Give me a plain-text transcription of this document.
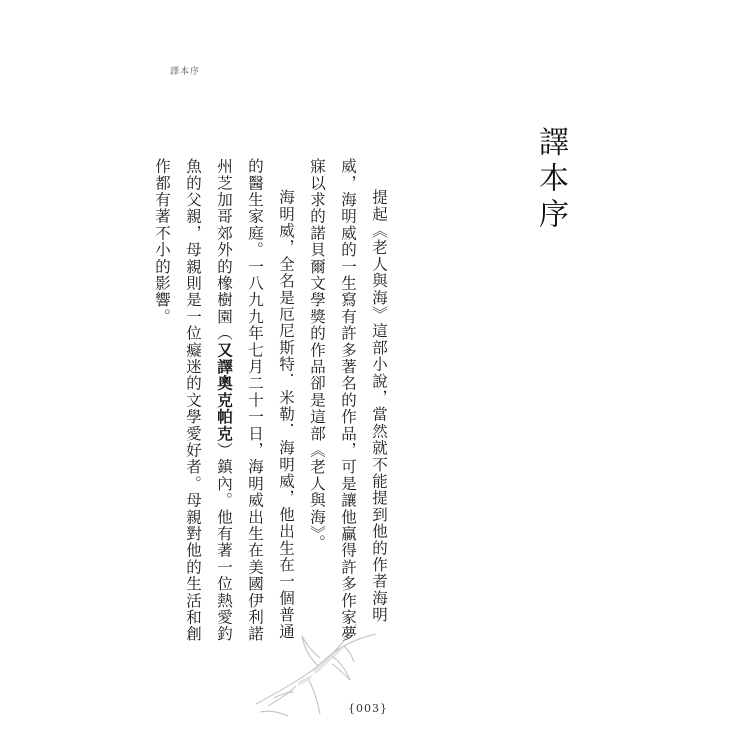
譯本序
譯本序

提起《老人與海》這部小說，當然就不能提到他的作者海明威，海明威的一生寫有許多著名的作品，可是讓他贏得許多作家夢寐以求的諾貝爾文學獎的作品卻是這部《老人與海》。

海明威，全名是厄尼斯特．米勒．海明威，他出生在一個普通的醫生家庭。一八九九年七月二十一日，海明威出生在美國伊利諾州芝加哥郊外的橡樹園（又譯奧克帕克）鎮內。他有著一位熱愛釣魚的父親，母親則是一位癡迷的文學愛好者。母親對他的生活和創作都有著不小的影響。

{003}
